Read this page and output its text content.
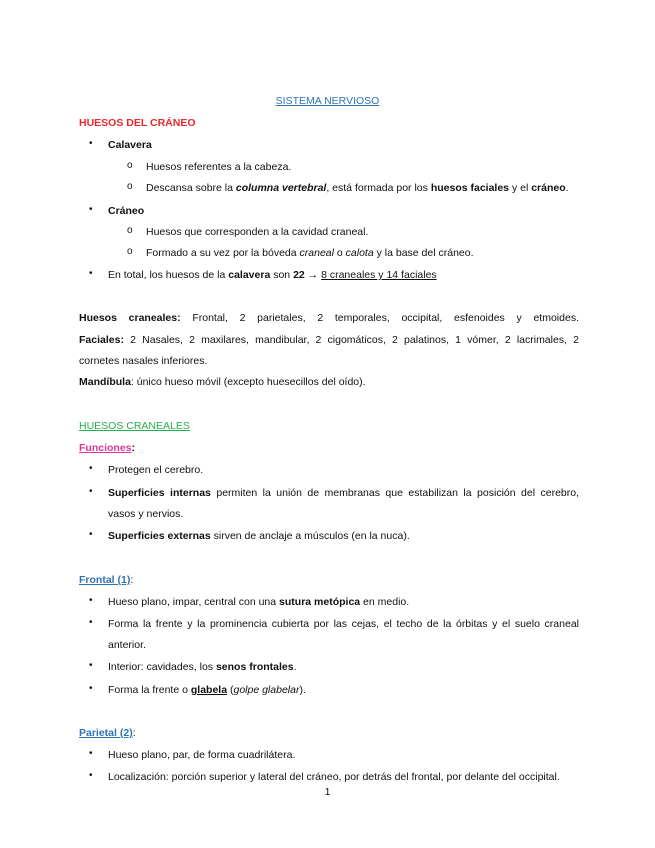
SISTEMA NERVIOSO
HUESOS DEL CRÁNEO
• Calavera
o Huesos referentes a la cabeza.
o Descansa sobre la columna vertebral, está formada por los huesos faciales y el cráneo.
• Cráneo
o Huesos que corresponden a la cavidad craneal.
o Formado a su vez por la bóveda craneal o calota y la base del cráneo.
• En total, los huesos de la calavera son 22 → 8 craneales y 14 faciales
Huesos craneales: Frontal, 2 parietales, 2 temporales, occipital, esfenoides y etmoides.
Faciales: 2 Nasales, 2 maxilares, mandibular, 2 cigomáticos, 2 palatinos, 1 vómer, 2 lacrimales, 2
cornetes nasales inferiores.
Mandíbula: único hueso móvil (excepto huesecillos del oído).
HUESOS CRANEALES
Funciones:
• Protegen el cerebro.
• Superficies internas permiten la unión de membranas que estabilizan la posición del cerebro,
vasos y nervios.
• Superficies externas sirven de anclaje a músculos (en la nuca).
Frontal (1):
• Hueso plano, impar, central con una sutura metópica en medio.
• Forma la frente y la prominencia cubierta por las cejas, el techo de la órbitas y el suelo craneal
anterior.
• Interior: cavidades, los senos frontales.
• Forma la frente o glabela (golpe glabelar).
Parietal (2):
• Hueso plano, par, de forma cuadrilátera.
• Localización: porción superior y lateral del cráneo, por detrás del frontal, por delante del occipital.
1
